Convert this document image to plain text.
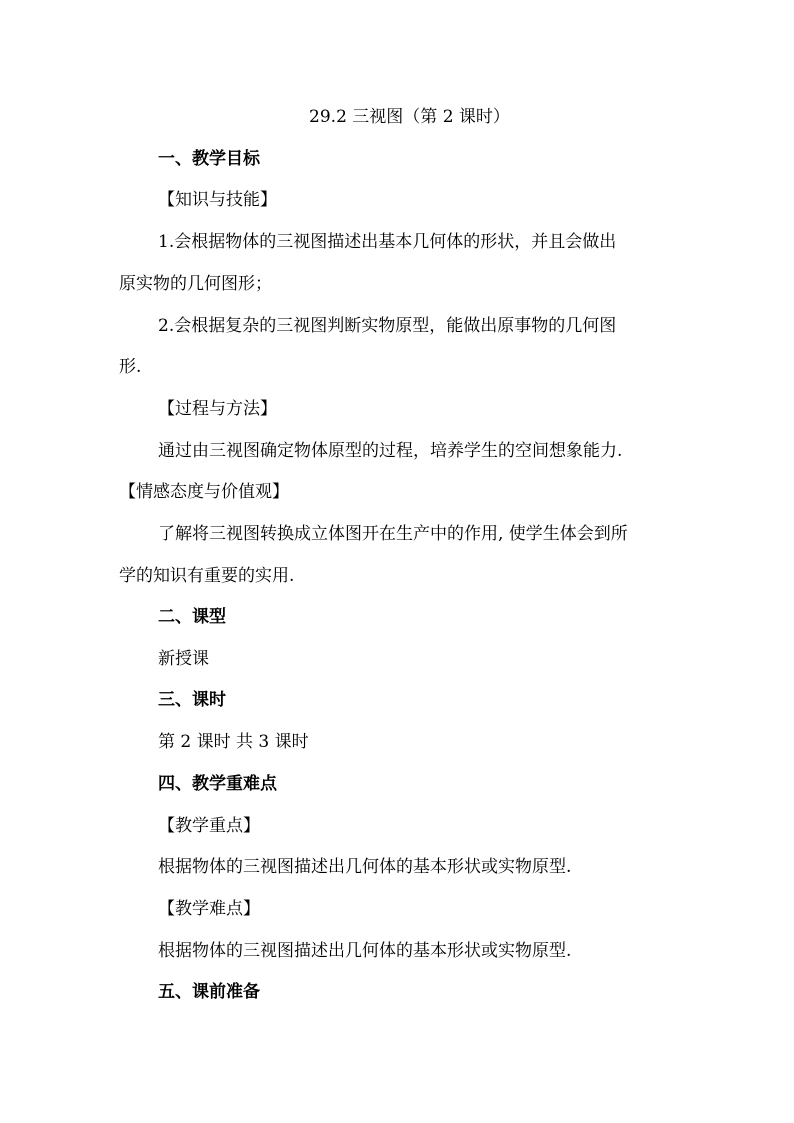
29.2 三视图（第 2 课时）
一、教学目标
【知识与技能】
1.会根据物体的三视图描述出基本几何体的形状，并且会做出
原实物的几何图形；
2.会根据复杂的三视图判断实物原型，能做出原事物的几何图
形.
【过程与方法】
通过由三视图确定物体原型的过程，培养学生的空间想象能力.
【情感态度与价值观】
了解将三视图转换成立体图开在生产中的作用, 使学生体会到所
学的知识有重要的实用.
二、课型
新授课
三、课时
第 2 课时 共 3 课时
四、教学重难点
【教学重点】
根据物体的三视图描述出几何体的基本形状或实物原型.
【教学难点】
根据物体的三视图描述出几何体的基本形状或实物原型.
五、课前准备
